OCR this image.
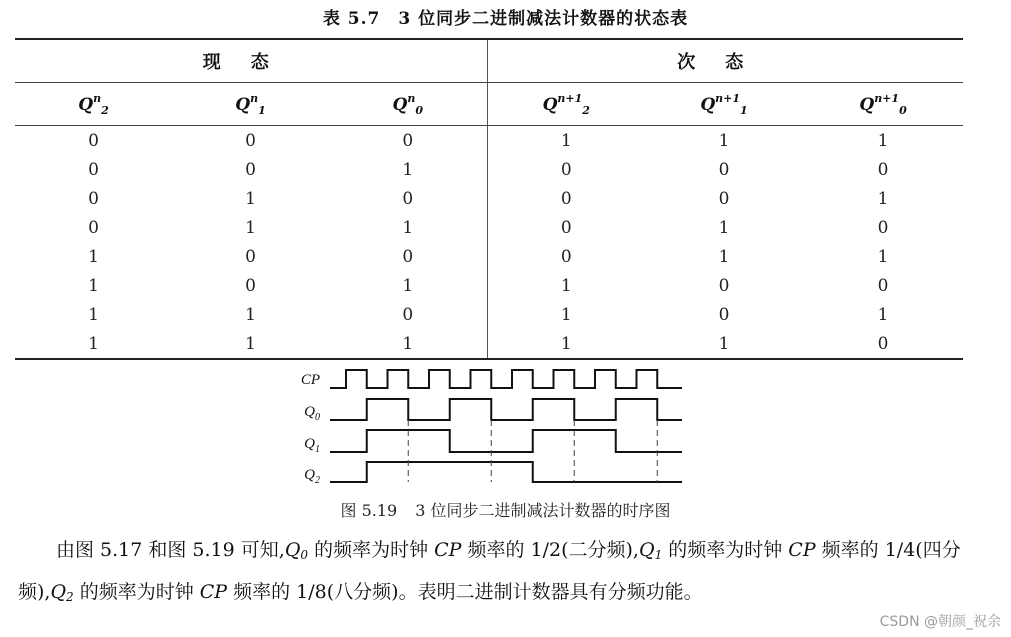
表 5.7　3 位同步二进制减法计数器的状态表
现态			次态		
$Q^n_2$	$Q^n_1$	$Q^n_0$	$Q^{n+1}_2$	$Q^{n+1}_1$	$Q^{n+1}_0$
0	0	0	1	1	1
0	0	1	0	0	0
0	1	0	0	0	1
0	1	1	0	1	0
1	0	0	0	1	1
1	0	1	1	0	0
1	1	0	1	0	1
1	1	1	1	1	0
CP
$Q_0$
$Q_1$
$Q_2$
图 5.19 3 位同步二进制减法计数器的时序图

由图 5.17 和图 5.19 可知$,Q_0$ 的频率为时钟 CP 频率的 1/2(二分频)$,Q_1$ 的频率为时钟 CP 频率的 1/4(四分频)$,Q_2$ 的频率为时钟 CP 频率的 1/8(八分频)。表明二进制计数器具有分频功能。

CSDN @朝颜_祝余
